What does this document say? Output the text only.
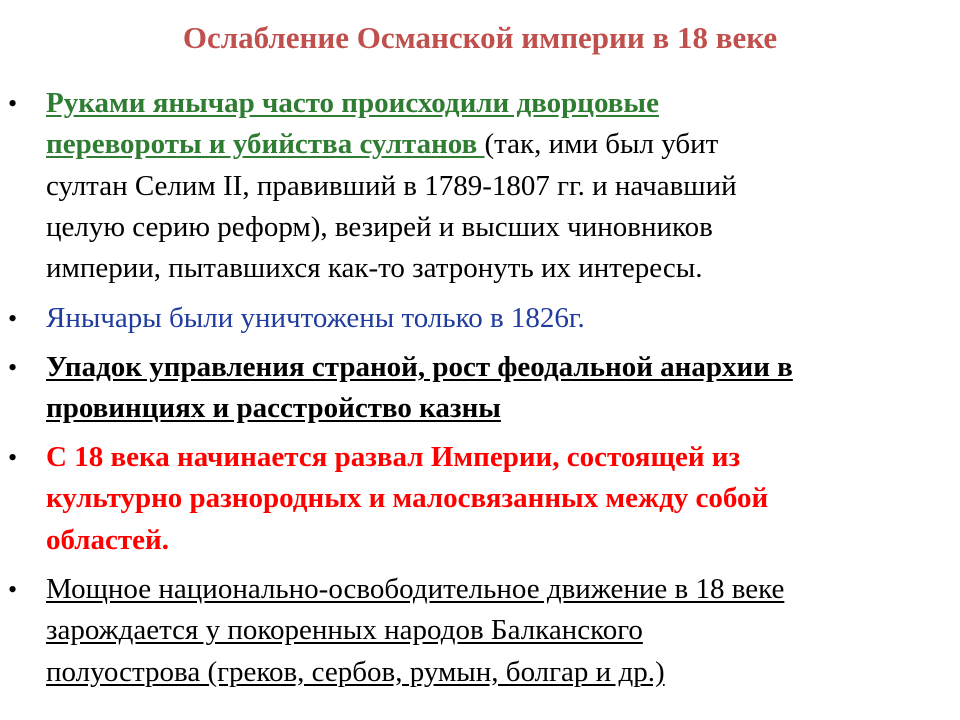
Ослабление Османской империи в 18 веке
• Руками янычар часто происходили дворцовые
перевороты и убийства султанов (так, ими был убит
султан Селим II, правивший в 1789-1807 гг. и начавший
целую серию реформ), везирей и высших чиновников
империи, пытавшихся как-то затронуть их интересы.
• Янычары были уничтожены только в 1826г.
• Упадок управления страной, рост феодальной анархии в
провинциях и расстройство казны
• С 18 века начинается развал Империи, состоящей из
культурно разнородных и малосвязанных между собой
областей.
• Мощное национально-освободительное движение в 18 веке
зарождается у покоренных народов Балканского
полуострова (греков, сербов, румын, болгар и др.)
